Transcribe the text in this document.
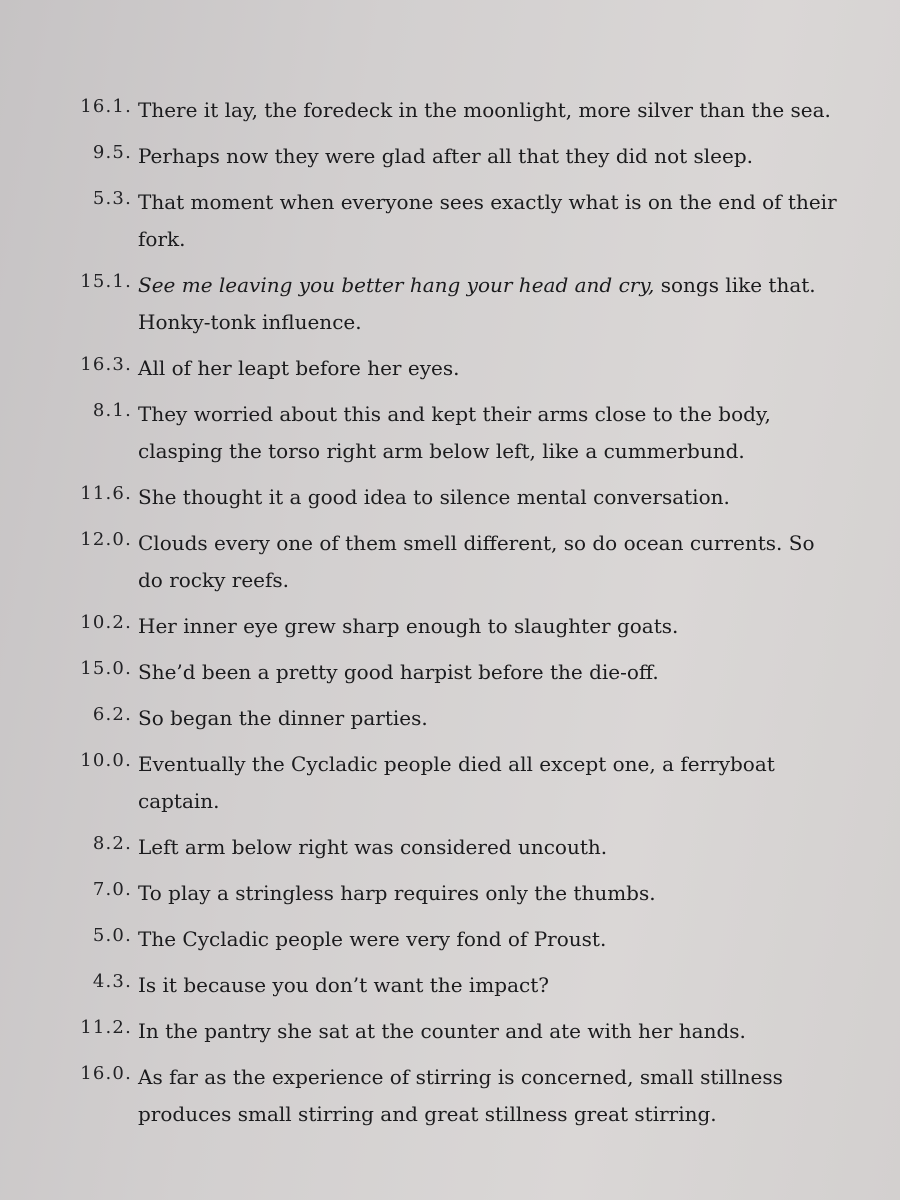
16.1. There it lay, the foredeck in the moonlight, more silver than the sea.
9.5. Perhaps now they were glad after all that they did not sleep.
5.3. That moment when everyone sees exactly what is on the end of their fork.
15.1. See me leaving you better hang your head and cry, songs like that. Honky-tonk influence.
16.3. All of her leapt before her eyes.
8.1. They worried about this and kept their arms close to the body, clasping the torso right arm below left, like a cummerbund.
11.6. She thought it a good idea to silence mental conversation.
12.0. Clouds every one of them smell different, so do ocean currents. So do rocky reefs.
10.2. Her inner eye grew sharp enough to slaughter goats.
15.0. She’d been a pretty good harpist before the die-off.
6.2. So began the dinner parties.
10.0. Eventually the Cycladic people died all except one, a ferryboat captain.
8.2. Left arm below right was considered uncouth.
7.0. To play a stringless harp requires only the thumbs.
5.0. The Cycladic people were very fond of Proust.
4.3. Is it because you don’t want the impact?
11.2. In the pantry she sat at the counter and ate with her hands.
16.0. As far as the experience of stirring is concerned, small stillness produces small stirring and great stillness great stirring.
